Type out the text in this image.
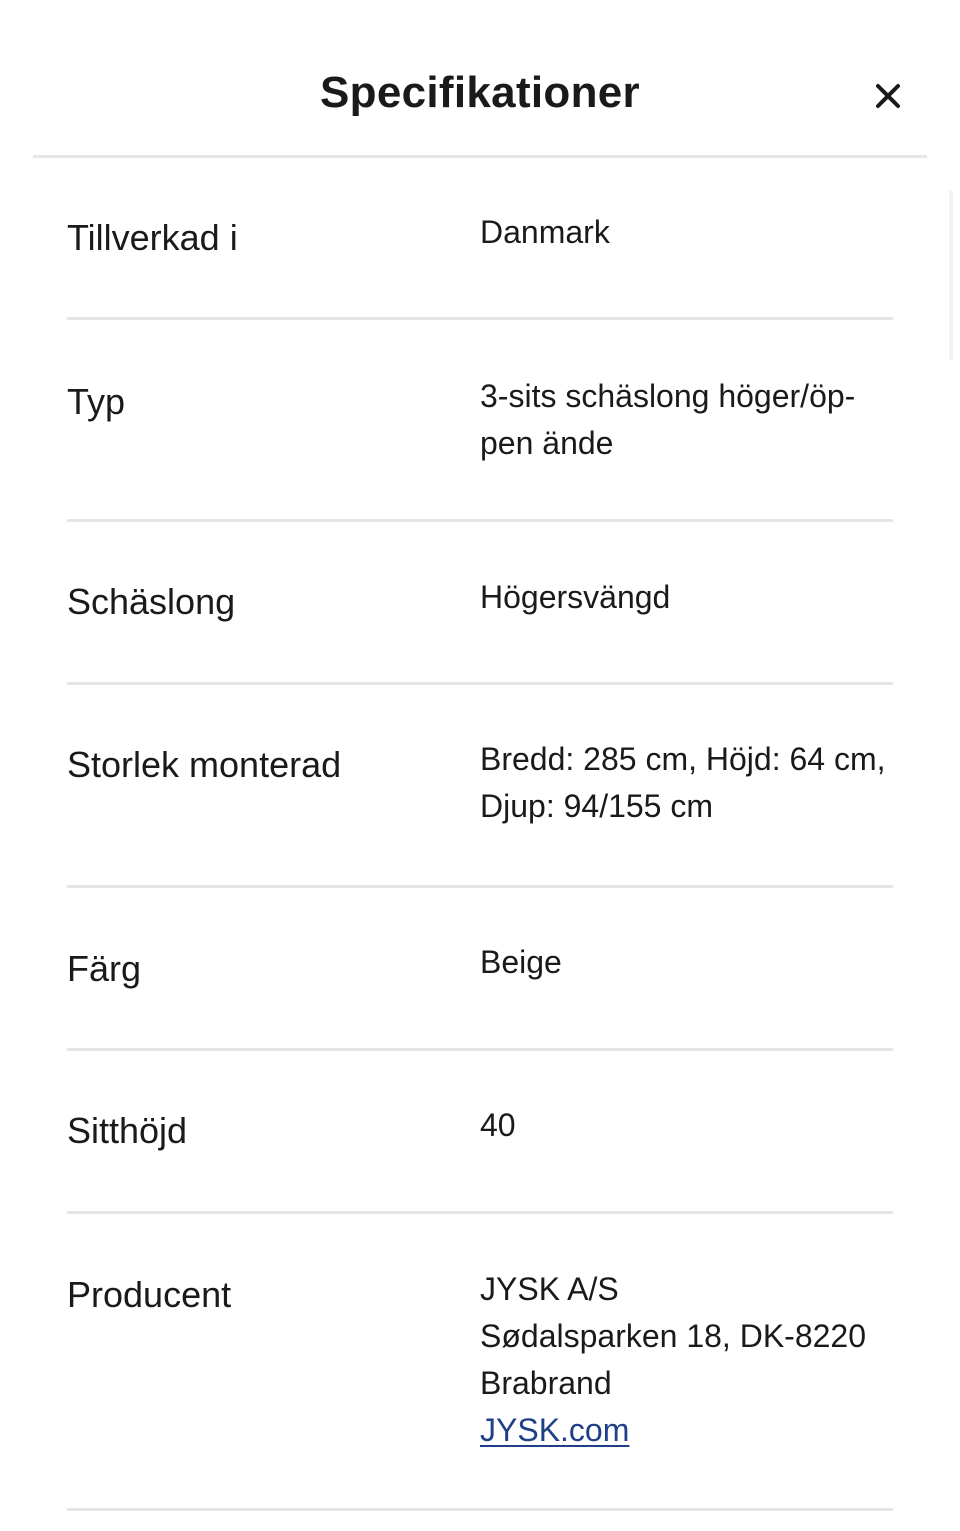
Specifikationer
Tillverkad i	Danmark
Typ	3-sits schäslong höger/öp-
pen ände
Schäslong	Högersvängd
Storlek monterad	Bredd: 285 cm, Höjd: 64 cm,
Djup: 94/155 cm
Färg	Beige
Sitthöjd	40
Producent	JYSK A/S
Sødalsparken 18, DK-8220
Brabrand
JYSK.com
